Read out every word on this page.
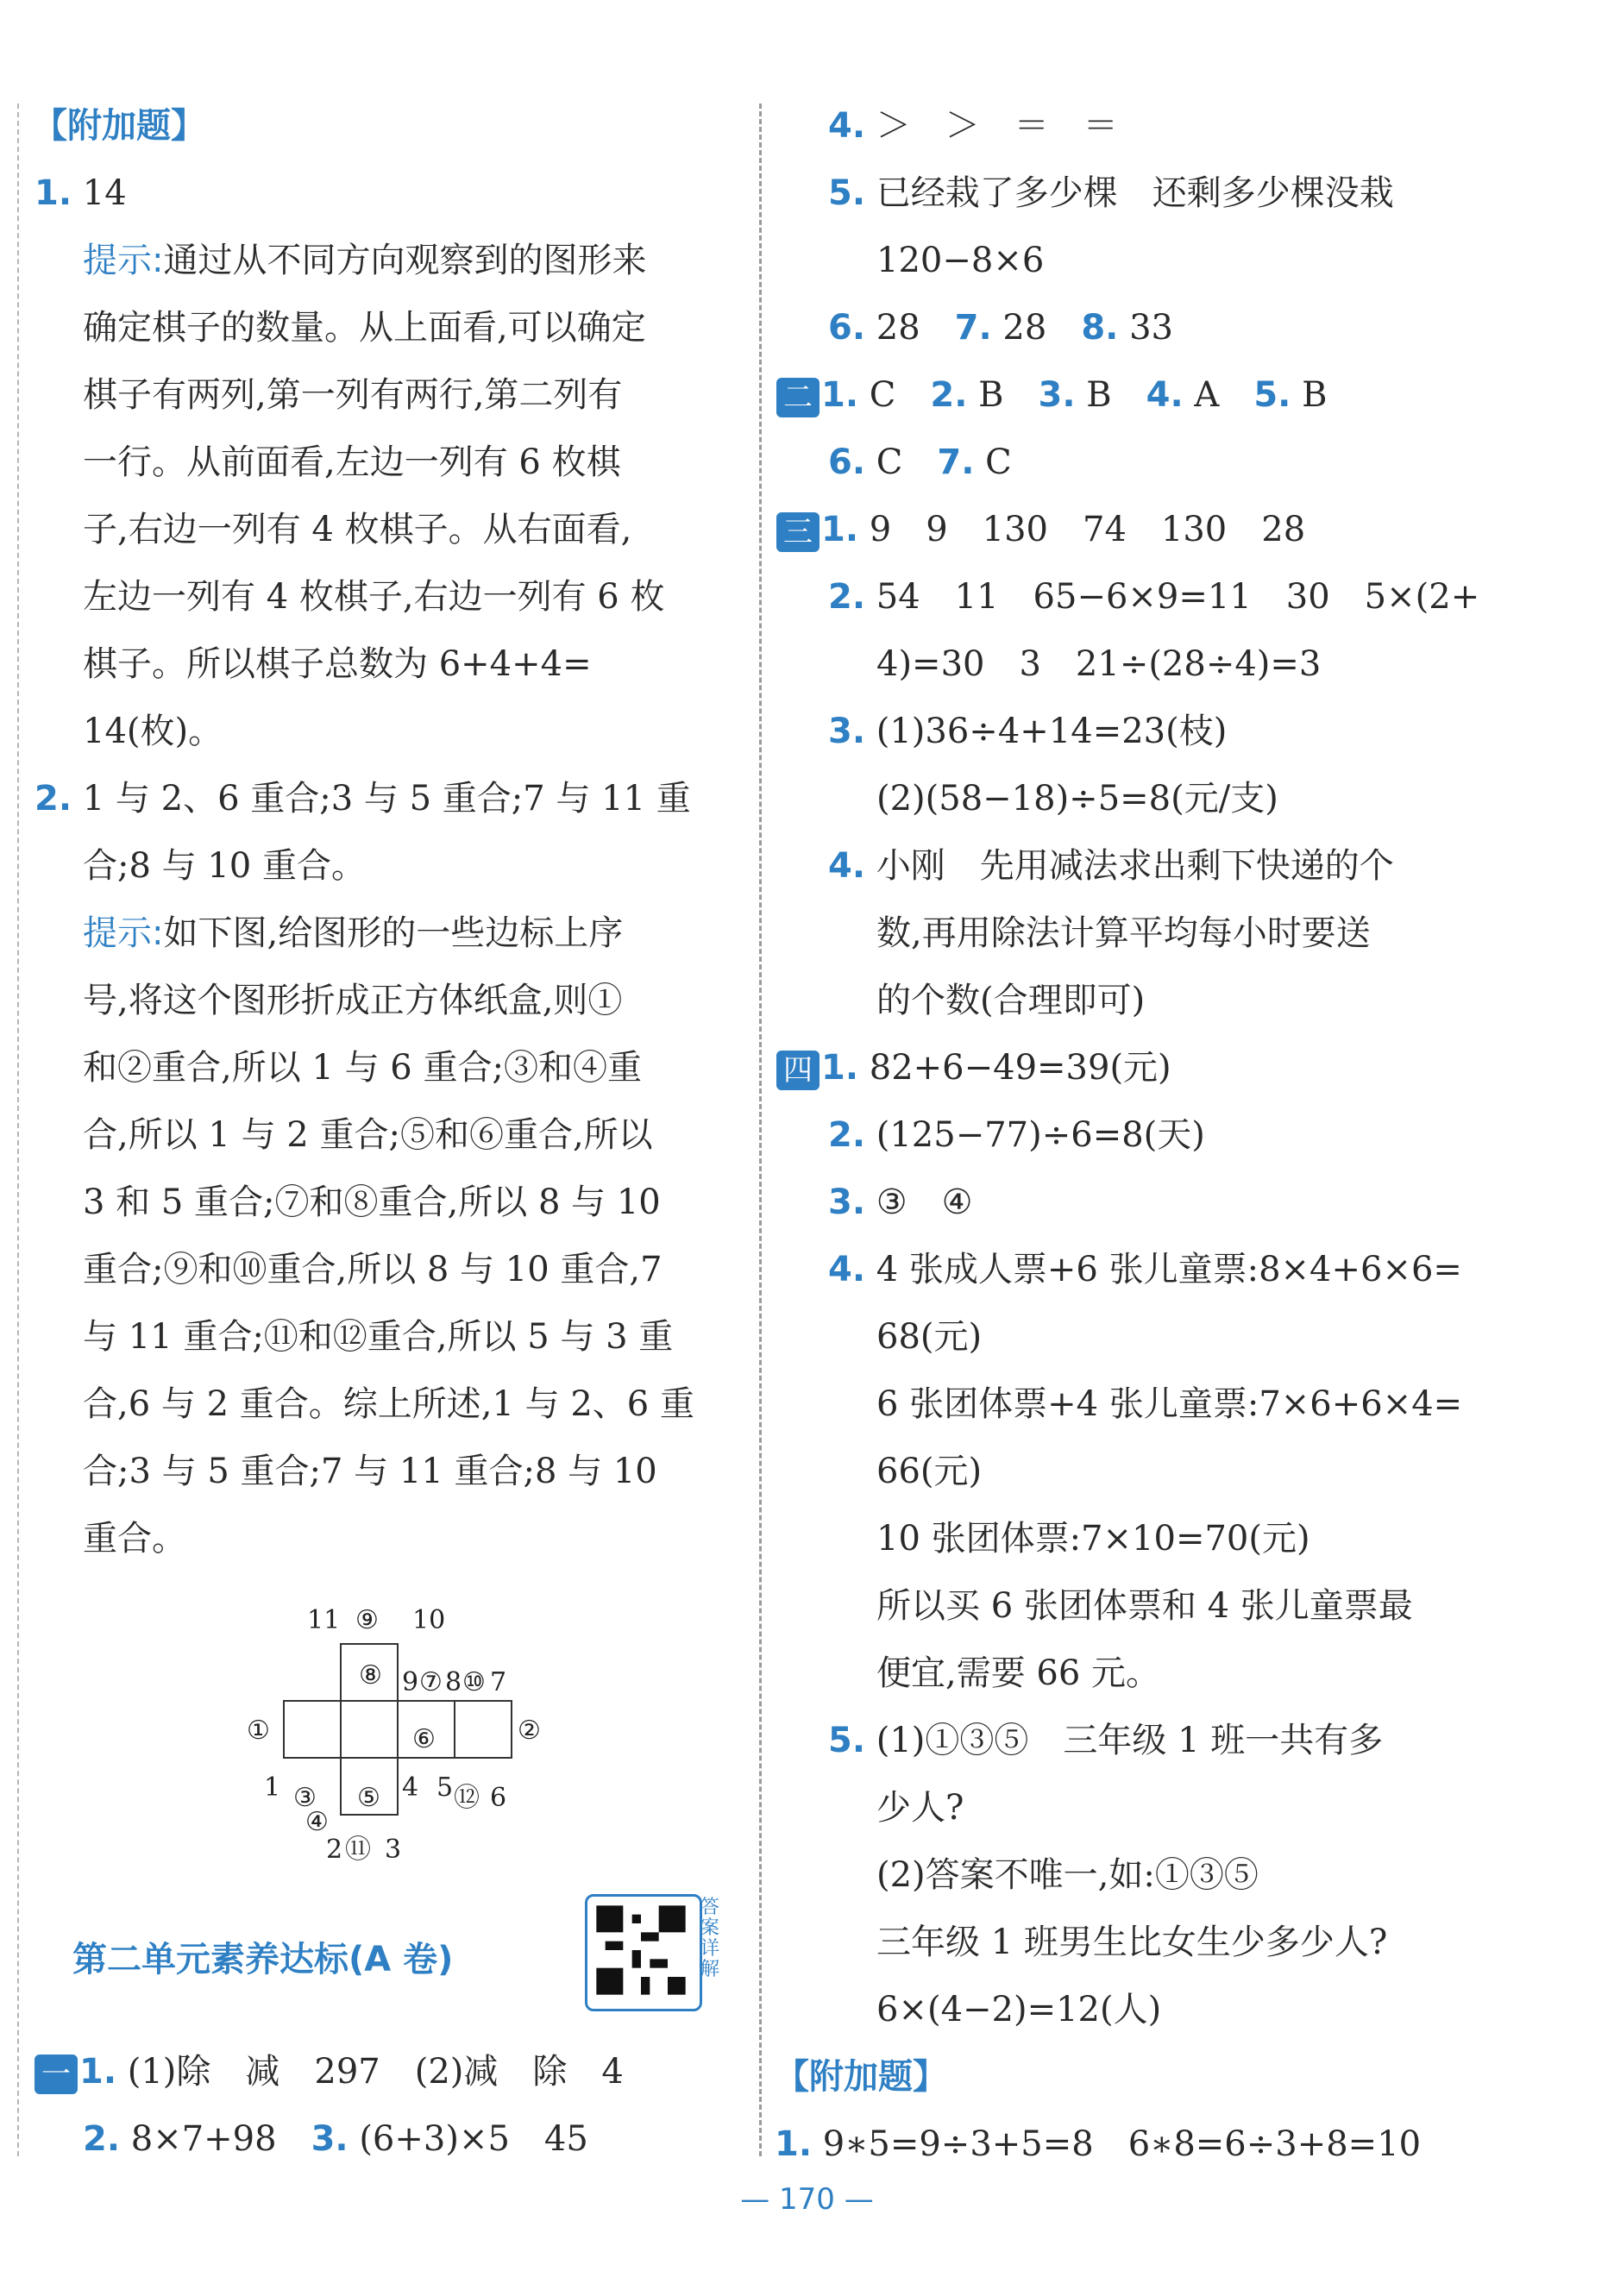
【附加题】
1. 14
提示:通过从不同方向观察到的图形来
确定棋子的数量。从上面看,可以确定
棋子有两列,第一列有两行,第二列有
一行。从前面看,左边一列有 6 枚棋
子,右边一列有 4 枚棋子。从右面看,
左边一列有 4 枚棋子,右边一列有 6 枚
棋子。所以棋子总数为 6+4+4=
14(枚)。
2. 1 与 2、6 重合;3 与 5 重合;7 与 11 重
合;8 与 10 重合。
提示:如下图,给图形的一些边标上序
号,将这个图形折成正方体纸盒,则①
和②重合,所以 1 与 6 重合;③和④重
合,所以 1 与 2 重合;⑤和⑥重合,所以
3 和 5 重合;⑦和⑧重合,所以 8 与 10
重合;⑨和⑩重合,所以 8 与 10 重合,7
与 11 重合;⑪和⑫重合,所以 5 与 3 重
合,6 与 2 重合。综上所述,1 与 2、6 重
合;3 与 5 重合;7 与 11 重合;8 与 10
重合。
11 ⑨ 10
⑧ 9 ⑦ 8 ⑩ 7
①	⑥	②
1 ③	4 5 ⑫ 6
⑤
④
2 ⑪ 3
第二单元素养达标(A 卷)
答案详解
一 1. (1)除　减　297　(2)减　除　4
2. 8×7+98　 3. (6+3)×5　45
4. ＞　＞　＝　＝
5. 已经栽了多少棵　还剩多少棵没栽
120−8×6
6. 28　 7. 28　 8. 33
二 1. C　 2. B　 3. B　 4. A　 5. B
6. C　 7. C
三 1. 9　9　130　74　130　28
2. 54　11　65−6×9=11　30　5×(2+
4)=30　3　21÷(28÷4)=3
3. (1)36÷4+14=23(枝)
(2)(58−18)÷5=8(元/支)
4. 小刚　先用减法求出剩下快递的个
数,再用除法计算平均每小时要送
的个数(合理即可)
四 1. 82+6−49=39(元)
2. (125−77)÷6=8(天)
3. ③　④
4. 4 张成人票+6 张儿童票:8×4+6×6=
68(元)
6 张团体票+4 张儿童票:7×6+6×4=
66(元)
10 张团体票:7×10=70(元)
所以买 6 张团体票和 4 张儿童票最
便宜,需要 66 元。
5. (1)①③⑤　三年级 1 班一共有多
少人?
(2)答案不唯一,如:①③⑤
三年级 1 班男生比女生少多少人?
6×(4−2)=12(人)
【附加题】
1. 9∗5=9÷3+5=8　6∗8=6÷3+8=10
— 170 —
